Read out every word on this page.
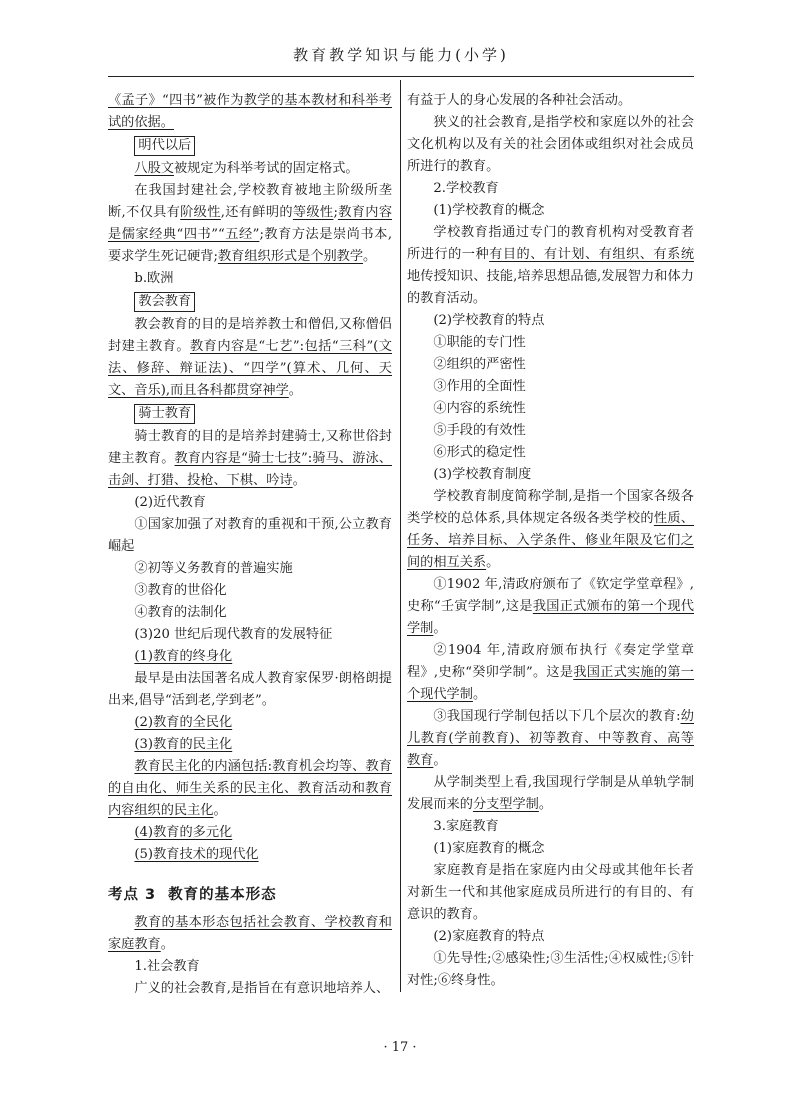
教育教学知识与能力(小学)

《孟子》“四书”被作为教学的基本教材和科举考试的依据。

明代以后

八股文被规定为科举考试的固定格式。

在我国封建社会,学校教育被地主阶级所垄断,不仅具有阶级性,还有鲜明的等级性;教育内容是儒家经典“四书”“五经”;教育方法是崇尚书本,要求学生死记硬背;教育组织形式是个别教学。

b.欧洲

教会教育

教会教育的目的是培养教士和僧侣,又称僧侣封建主教育。教育内容是“七艺”:包括“三科”(文法、修辞、辩证法)、“四学”(算术、几何、天文、音乐),而且各科都贯穿神学。

骑士教育

骑士教育的目的是培养封建骑士,又称世俗封建主教育。教育内容是“骑士七技”:骑马、游泳、击剑、打猎、投枪、下棋、吟诗。

(2)近代教育

①国家加强了对教育的重视和干预,公立教育崛起

②初等义务教育的普遍实施

③教育的世俗化

④教育的法制化

(3)20 世纪后现代教育的发展特征

(1)教育的终身化

最早是由法国著名成人教育家保罗·朗格朗提出来,倡导“活到老,学到老”。

(2)教育的全民化

(3)教育的民主化

教育民主化的内涵包括:教育机会均等、教育的自由化、师生关系的民主化、教育活动和教育内容组织的民主化。

(4)教育的多元化

(5)教育技术的现代化

考点 3 教育的基本形态

教育的基本形态包括社会教育、学校教育和家庭教育。

1.社会教育

广义的社会教育,是指旨在有意识地培养人、

有益于人的身心发展的各种社会活动。

狭义的社会教育,是指学校和家庭以外的社会文化机构以及有关的社会团体或组织对社会成员所进行的教育。

2.学校教育

(1)学校教育的概念

学校教育指通过专门的教育机构对受教育者所进行的一种有目的、有计划、有组织、有系统地传授知识、技能,培养思想品德,发展智力和体力的教育活动。

(2)学校教育的特点

①职能的专门性

②组织的严密性

③作用的全面性

④内容的系统性

⑤手段的有效性

⑥形式的稳定性

(3)学校教育制度

学校教育制度简称学制,是指一个国家各级各类学校的总体系,具体规定各级各类学校的性质、任务、培养目标、入学条件、修业年限及它们之间的相互关系。

①1902 年,清政府颁布了《钦定学堂章程》,史称“壬寅学制”,这是我国正式颁布的第一个现代学制。

②1904 年,清政府颁布执行《奏定学堂章程》,史称“癸卯学制”。这是我国正式实施的第一个现代学制。

③我国现行学制包括以下几个层次的教育:幼儿教育(学前教育)、初等教育、中等教育、高等教育。

从学制类型上看,我国现行学制是从单轨学制发展而来的分支型学制。

3.家庭教育

(1)家庭教育的概念

家庭教育是指在家庭内由父母或其他年长者对新生一代和其他家庭成员所进行的有目的、有意识的教育。

(2)家庭教育的特点

①先导性;②感染性;③生活性;④权威性;⑤针对性;⑥终身性。

· 17 ·
